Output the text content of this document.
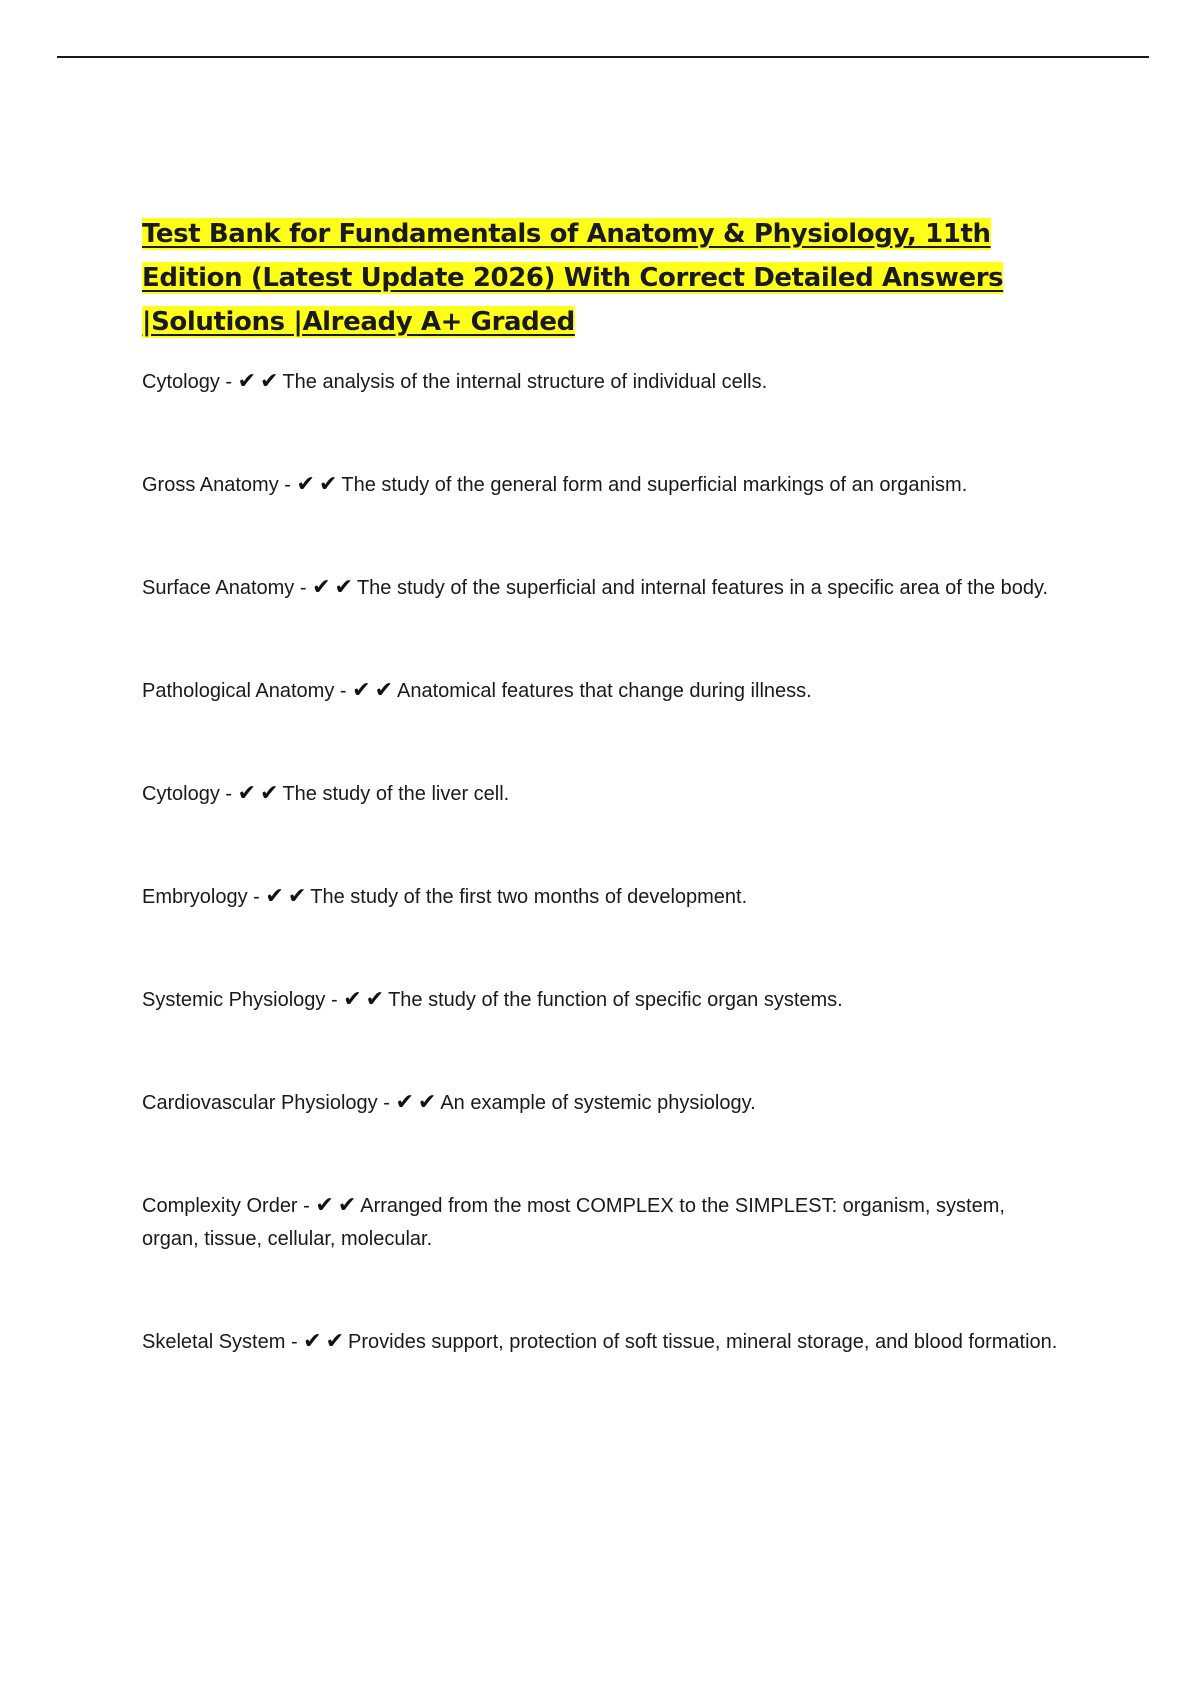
Test Bank for Fundamentals of Anatomy & Physiology, 11th Edition (Latest Update 2026) With Correct Detailed Answers |Solutions |Already A+ Graded
Cytology - ✔ ✔ The analysis of the internal structure of individual cells.
Gross Anatomy - ✔ ✔ The study of the general form and superficial markings of an organism.
Surface Anatomy - ✔ ✔ The study of the superficial and internal features in a specific area of the body.
Pathological Anatomy - ✔ ✔ Anatomical features that change during illness.
Cytology - ✔ ✔ The study of the liver cell.
Embryology - ✔ ✔ The study of the first two months of development.
Systemic Physiology - ✔ ✔ The study of the function of specific organ systems.
Cardiovascular Physiology - ✔ ✔ An example of systemic physiology.
Complexity Order - ✔ ✔ Arranged from the most COMPLEX to the SIMPLEST: organism, system, organ, tissue, cellular, molecular.
Skeletal System - ✔ ✔ Provides support, protection of soft tissue, mineral storage, and blood formation.
